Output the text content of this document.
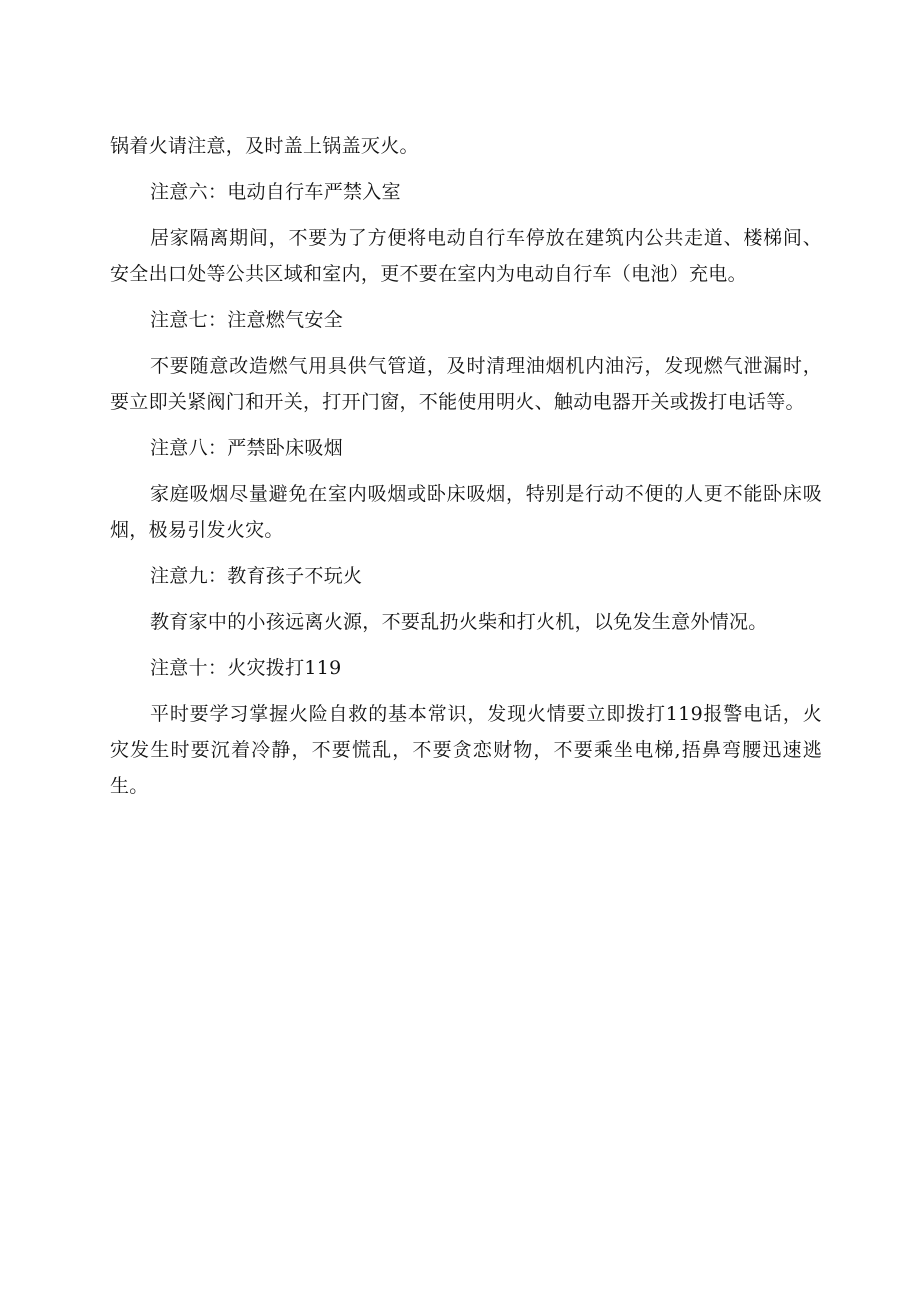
锅着火请注意，及时盖上锅盖灭火。

注意六：电动自行车严禁入室

居家隔离期间，不要为了方便将电动自行车停放在建筑内公共走道、楼梯间、安全出口处等公共区域和室内，更不要在室内为电动自行车（电池）充电。

注意七：注意燃气安全

不要随意改造燃气用具供气管道，及时清理油烟机内油污，发现燃气泄漏时，要立即关紧阀门和开关，打开门窗，不能使用明火、触动电器开关或拨打电话等。

注意八：严禁卧床吸烟

家庭吸烟尽量避免在室内吸烟或卧床吸烟，特别是行动不便的人更不能卧床吸烟，极易引发火灾。

注意九：教育孩子不玩火

教育家中的小孩远离火源，不要乱扔火柴和打火机，以免发生意外情况。

注意十：火灾拨打119

平时要学习掌握火险自救的基本常识，发现火情要立即拨打119报警电话，火灾发生时要沉着冷静，不要慌乱，不要贪恋财物，不要乘坐电梯,捂鼻弯腰迅速逃生。
